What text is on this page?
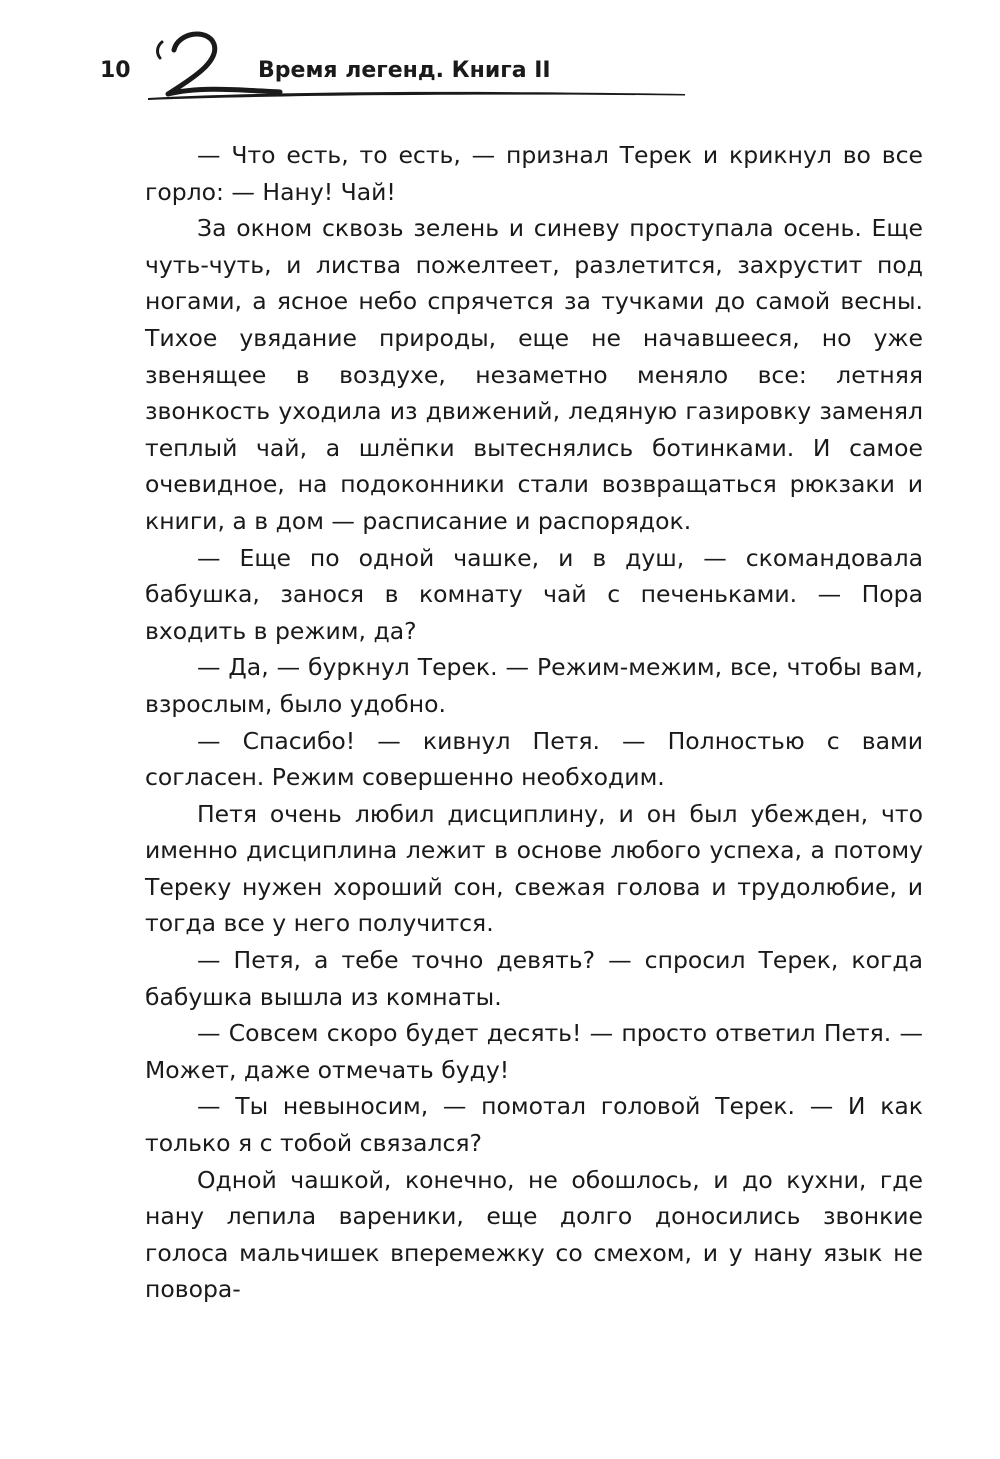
10	Время легенд. Книга II

— Что есть, то есть, — признал Терек и крикнул во все горло: — Нану! Чай!

За окном сквозь зелень и синеву проступала осень. Еще чуть-чуть, и листва пожелтеет, разлетится, захрустит под ногами, а ясное небо спрячется за тучками до самой весны. Тихое увядание природы, еще не начавшееся, но уже звенящее в воздухе, незаметно меняло все: летняя звонкость уходила из движений, ледяную газировку заменял теплый чай, а шлёпки вытеснялись ботинками. И самое очевидное, на подоконники стали возвращаться рюкзаки и книги, а в дом — расписание и распорядок.

— Еще по одной чашке, и в душ, — скомандовала бабушка, занося в комнату чай с печеньками. — Пора входить в режим, да?

— Да, — буркнул Терек. — Режим-межим, все, чтобы вам, взрослым, было удобно.

— Спасибо! — кивнул Петя. — Полностью с вами согласен. Режим совершенно необходим.

Петя очень любил дисциплину, и он был убежден, что именно дисциплина лежит в основе любого успеха, а потому Тереку нужен хороший сон, свежая голова и трудолюбие, и тогда все у него получится.

— Петя, а тебе точно девять? — спросил Терек, когда бабушка вышла из комнаты.

— Совсем скоро будет десять! — просто ответил Петя. — Может, даже отмечать буду!

— Ты невыносим, — помотал головой Терек. — И как только я с тобой связался?

Одной чашкой, конечно, не обошлось, и до кухни, где нану лепила вареники, еще долго доносились звонкие голоса мальчишек вперемежку со смехом, и у нану язык не повора-
